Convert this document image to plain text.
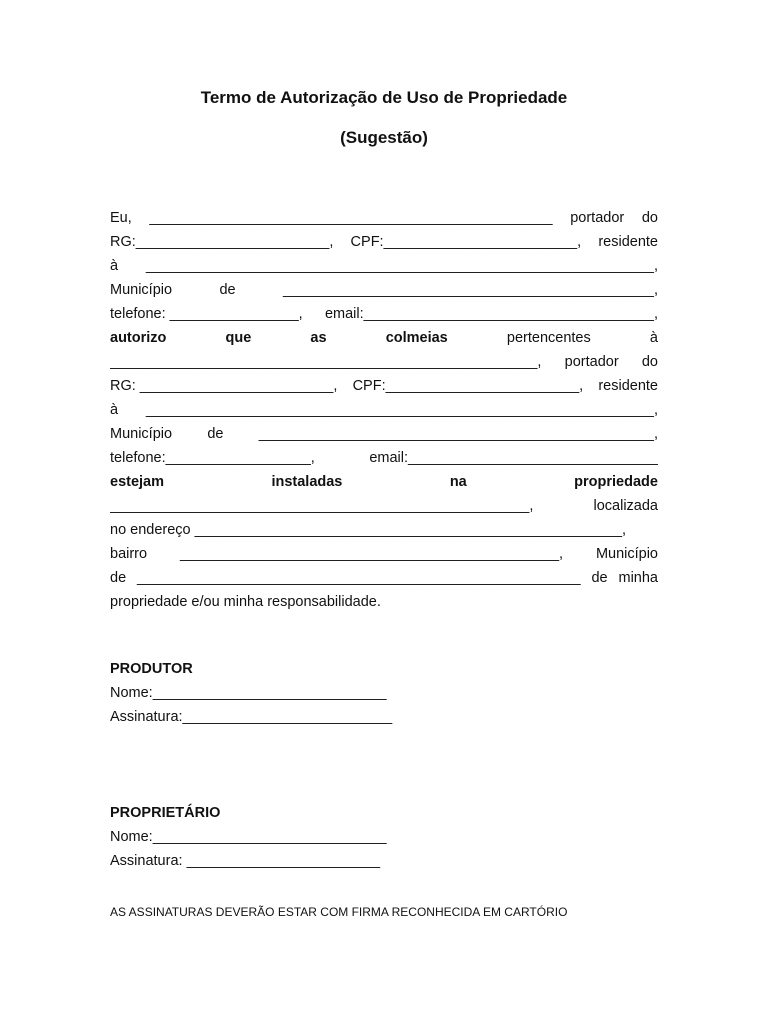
Termo de Autorização de Uso de Propriedade
(Sugestão)
Eu, __________________________________________________ portador do
RG:________________________, CPF:________________________, residente
à _______________________________________________________________,
Município	de	______________________________________________,
telefone: ________________, email:____________________________________,
autorizo	que	as	colmeias	pertencentes	à
_____________________________________________________, portador do
RG: ________________________, CPF:________________________, residente
à _______________________________________________________________,
Município de _________________________________________________,
telefone:__________________,	email:_______________________________
estejam	instaladas	na	propriedade
____________________________________________________,	localizada
no endereço _____________________________________________________,
bairro _______________________________________________, Município
de _______________________________________________________ de minha
propriedade e/ou minha responsabilidade.
PRODUTOR
Nome:_____________________________
Assinatura:__________________________
PROPRIETÁRIO
Nome:_____________________________
Assinatura: ________________________
AS ASSINATURAS DEVERÃO ESTAR COM FIRMA RECONHECIDA EM CARTÓRIO
